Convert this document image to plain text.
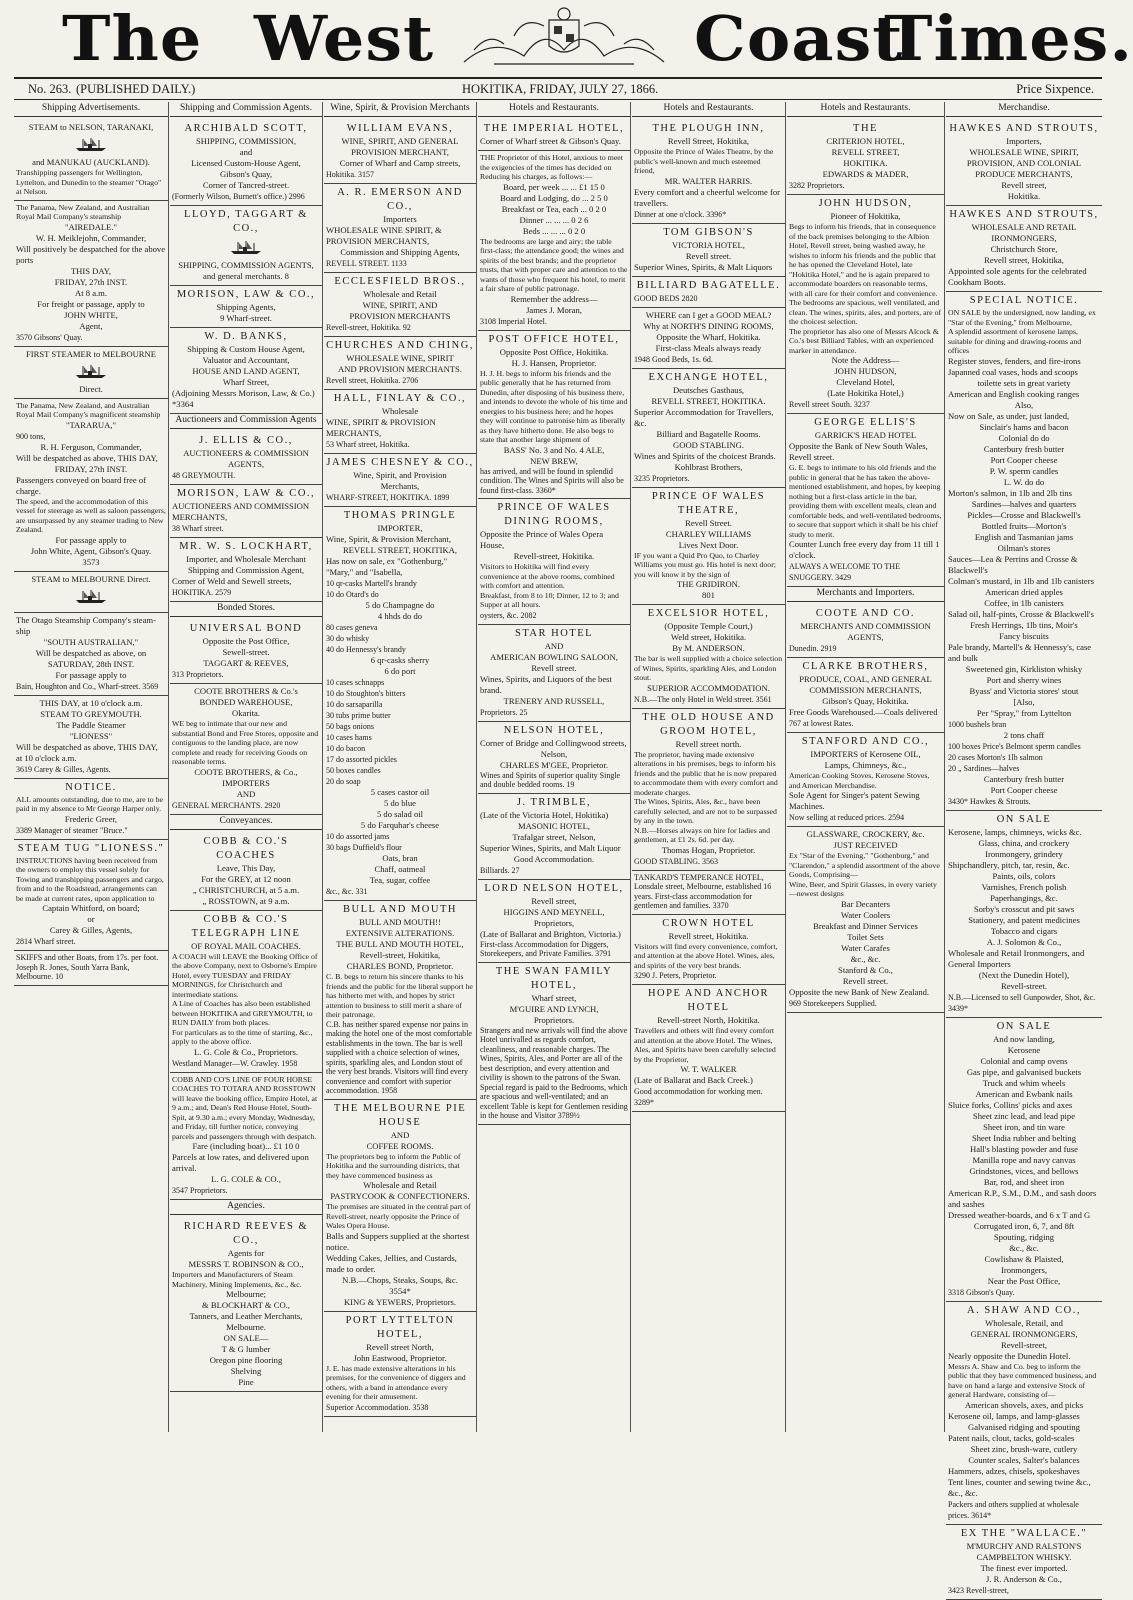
The West	Coast
Times.
No. 263. (PUBLISHED DAILY.)	HOKITIKA, FRIDAY, JULY 27, 1866.	Price Sixpence.
Shipping Advertisements.

STEAM to NELSON, TARANAKI,

and MANUKAU (AUCKLAND).

Transhipping passengers for Wellington, Lyttelton, and Dunedin to the steamer "Otago" at Nelson.

The Panama, New Zealand, and Australian Royal Mail Company's steamship

"AIREDALE."

W. H. Meiklejohn, Commander,

Will positively be despatched for the above ports

THIS DAY,

FRIDAY, 27th INST.

At 8 a.m.

For freight or passage, apply to

JOHN WHITE,

Agent,

3570 Gibsons' Quay.

FIRST STEAMER to MELBOURNE

Direct.

The Panama, New Zealand, and Australian Royal Mail Company's magnificent steamship

"TARARUA,"

900 tons,

R. H. Ferguson, Commander,

Will be despatched as above, THIS DAY,

FRIDAY, 27th INST.

Passengers conveyed on board free of charge.

The speed, and the accommodation of this vessel for steerage as well as saloon passengers, are unsurpassed by any steamer trading to New Zealand.

For passage apply to

John White, Agent, Gibson's Quay.

3573

STEAM to MELBOURNE Direct.

The Otago Steamship Company's steam-ship

"SOUTH AUSTRALIAN,"

Will be despatched as above, on

SATURDAY, 28th INST.

For passage apply to

Bain, Houghton and Co., Wharf-street. 3569

THIS DAY, at 10 o'clock a.m.

STEAM TO GREYMOUTH.

The Paddle Steamer

"LIONESS"

Will be despatched as above, THIS DAY, at 10 o'clock a.m.

3619 Carey & Gilles, Agents.

NOTICE.

ALL amounts outstanding, due to me, are to be paid in my absence to Mr George Harper only.

Frederic Greer,

3389 Manager of steamer "Bruce."

STEAM TUG "LIONESS."

INSTRUCTIONS having been received from the owners to employ this vessel solely for Towing and transhipping passengers and cargo, from and to the Roadstead, arrangements can be made at current rates, upon application to

Captain Whitford, on board;

or

Carey & Gilles, Agents,

2814 Wharf street.

SKIFFS and other Boats, from 17s. per foot. Joseph R. Jones, South Yarra Bank, Melbourne. 10

Shipping and Commission Agents.

ARCHIBALD SCOTT,

SHIPPING, COMMISSION,

and

Licensed Custom-House Agent,

Gibson's Quay,

Corner of Tancred-street.

(Formerly Wilson, Burnett's office.) 2996

LLOYD, TAGGART & CO.,

SHIPPING, COMMISSION AGENTS,

and general merchants. 8

MORISON, LAW & CO.,

Shipping Agents,

9 Wharf-street.

W. D. BANKS,

Shipping & Custom House Agent,

Valuator and Accountant,

HOUSE AND LAND AGENT,

Wharf Street,

(Adjoining Messrs Morison, Law, & Co.) *3364

Auctioneers and Commission Agents

J. ELLIS & CO.,

AUCTIONEERS & COMMISSION AGENTS,

48 GREYMOUTH.

MORISON, LAW & CO.,

AUCTIONEERS AND COMMISSION MERCHANTS,

38 Wharf street.

MR. W. S. LOCKHART,

Importer, and Wholesale Merchant

Shipping and Commission Agent,

Corner of Weld and Sewell streets,

HOKITIKA. 2579

Bonded Stores.

UNIVERSAL BOND

Opposite the Post Office,

Sewell-street.

TAGGART & REEVES,

313 Proprietors.

COOTE BROTHERS & Co.'s

BONDED WAREHOUSE,

Okarita.

WE beg to intimate that our new and substantial Bond and Free Stores, opposite and contiguous to the landing place, are now complete and ready for receiving Goods on reasonable terms.

COOTE BROTHERS, & Co.,

IMPORTERS

AND

GENERAL MERCHANTS. 2920

Conveyances.

COBB & CO.'S COACHES

Leave, This Day,

For the GREY, at 12 noon

„ CHRISTCHURCH, at 5 a.m.

„ ROSSTOWN, at 9 a.m.

COBB & CO.'S TELEGRAPH LINE

OF ROYAL MAIL COACHES.

A COACH will LEAVE the Booking Office of the above Company, next to Osborne's Empire Hotel, every TUESDAY and FRIDAY MORNINGS, for Christchurch and intermediate stations.

A Line of Coaches has also been established between HOKITIKA and GREYMOUTH, to RUN DAILY from both places.

For particulars as to the time of starting, &c., apply to the above office.

L. G. Cole & Co., Proprietors.

Westland Manager—W. Crawley. 1958

COBB AND CO'S LINE OF FOUR HORSE COACHES TO TOTARA AND ROSSTOWN will leave the booking office, Empire Hotel, at 9 a.m.; and, Dean's Red House Hotel, South-Spit, at 9.30 a.m.; every Monday, Wednesday, and Friday, till further notice, conveying parcels and passengers through with despatch.

Fare (including boat)... £1 10 0

Parcels at low rates, and delivered upon arrival.

L. G. COLE & CO.,

3547 Proprietors.

Agencies.

RICHARD REEVES & CO.,

Agents for

MESSRS T. ROBINSON & CO.,

Importers and Manufacturers of Steam Machinery, Mining Implements, &c., &c.

Melbourne;

& BLOCKHART & CO.,

Tanners, and Leather Merchants,

Melbourne.

ON SALE—

T & G lumber

Oregon pine flooring

Shelving

Pine

Wine, Spirit, & Provision Merchants

WILLIAM EVANS,

WINE, SPIRIT, AND GENERAL

PROVISION MERCHANT,

Corner of Wharf and Camp streets,

Hokitika. 3157

A. R. EMERSON AND CO.,

Importers

WHOLESALE WINE SPIRIT, & PROVISION MERCHANTS,

Commission and Shipping Agents,

REVELL STREET. 1133

ECCLESFIELD BROS.,

Wholesale and Retail

WINE, SPIRIT, AND

PROVISION MERCHANTS

Revell-street, Hokitika. 92

CHURCHES AND CHING,

WHOLESALE WINE, SPIRIT

AND PROVISION MERCHANTS.

Revell street, Hokitika. 2706

HALL, FINLAY & CO.,

Wholesale

WINE, SPIRIT & PROVISION MERCHANTS,

53 Wharf street, Hokitika.

JAMES CHESNEY & CO.,

Wine, Spirit, and Provision

Merchants,

WHARF-STREET, HOKITIKA. 1899

THOMAS PRINGLE

IMPORTER,

Wine, Spirit, & Provision Merchant,

REVELL STREET, HOKITIKA,

Has now on sale, ex "Gothenburg," "Mary," and "Isabella,

10 qr-casks Martell's brandy

10 do Otard's do

5 do Champagne do

4 hhds do do

80 cases geneva

30 do whisky

40 do Hennessy's brandy

6 qr-casks sherry

6 do port

10 cases schnapps

10 do Stoughton's bitters

10 do sarsaparilla

30 tubs prime butter

50 bags onions

10 cases hams

10 do bacon

17 do assorted pickles

50 boxes candles

20 do soap

5 cases castor oil

5 do blue

5 do salad oil

5 do Farquhar's cheese

10 do assorted jams

30 bags Duffield's flour

Oats, bran

Chaff, oatmeal

Tea, sugar, coffee

&c., &c. 331

BULL AND MOUTH

BULL AND MOUTH!!

EXTENSIVE ALTERATIONS.

THE BULL AND MOUTH HOTEL,

Revell-street, Hokitika,

CHARLES BOND, Proprietor.

C. B. begs to return his sincere thanks to his friends and the public for the liberal support he has hitherto met with, and hopes by strict attention to business to still merit a share of their patronage.

C.B. has neither spared expense nor pains in making the hotel one of the most comfortable establishments in the town. The bar is well supplied with a choice selection of wines, spirits, sparkling ales, and London stout of the very best brands. Visitors will find every convenience and comfort with superior accommodation. 1958

THE MELBOURNE PIE HOUSE

AND

COFFEE ROOMS.

The proprietors beg to inform the Public of Hokitika and the surrounding districts, that they have commenced business as

Wholesale and Retail

PASTRYCOOK & CONFECTIONERS.

The premises are situated in the central part of Revell-street, nearly opposite the Prince of Wales Opera House.

Balls and Suppers supplied at the shortest notice.

Wedding Cakes, Jellies, and Custards, made to order.

N.B.—Chops, Steaks, Soups, &c.

3554*

KING & YEWERS, Proprietors.

PORT LYTTELTON HOTEL,

Revell street North,

John Eastwood, Proprietor.

J. E. has made extensive alterations in his premises, for the convenience of diggers and others, with a band in attendance every evening for their amusement.

Superior Accommodation. 3538

Hotels and Restaurants.

THE IMPERIAL HOTEL,

Corner of Wharf street & Gibson's Quay.

THE Proprietor of this Hotel, anxious to meet the exigencies of the times has decided on Reducing his charges, as follows:—

Board, per week ... ... £1 15 0

Board and Lodging, do ... 2 5 0

Breakfast or Tea, each ... 0 2 0

Dinner ... ... ... 0 2 6

Beds ... ... ... 0 2 0

The bedrooms are large and airy; the table first-class; the attendance good; the wines and spirits of the best brands; and the proprietor trusts, that with proper care and attention to the wants of those who frequent his hotel, to merit a fair share of public patronage.

Remember the address—

James J. Moran,

3108 Imperial Hotel.

POST OFFICE HOTEL,

Opposite Post Office, Hokitika.

H. J. Hansen, Proprietor.

H. J. H. begs to inform his friends and the public generally that he has returned from Dunedin, after disposing of his business there, and intends to devote the whole of his time and energies to his business here; and he hopes they will continue to patronise him as liberally as they have hitherto done. He also begs to state that another large shipment of

BASS' No. 3 and No. 4 ALE,

NEW BREW,

has arrived, and will be found in splendid condition. The Wines and Spirits will also be found first-class. 3360*

PRINCE OF WALES DINING ROOMS,

Opposite the Prince of Wales Opera House,

Revell-street, Hokitika.

Visitors to Hokitika will find every convenience at the above rooms, combined with comfort and attention.

Breakfast, from 8 to 10; Dinner, 12 to 3; and Supper at all hours.

oysters, &c. 2082

STAR HOTEL

AND

AMERICAN BOWLING SALOON,

Revell street.

Wines, Spirits, and Liquors of the best brand.

TRENERY AND RUSSELL,

Proprietors. 25

NELSON HOTEL,

Corner of Bridge and Collingwood streets,

Nelson,

CHARLES M'GEE, Proprietor.

Wines and Spirits of superior quality Single and double bedded rooms. 19

J. TRIMBLE,

(Late of the Victoria Hotel, Hokitika)

MASONIC HOTEL,

Trafalgar street, Nelson,

Superior Wines, Spirits, and Malt Liquor

Good Accommodation.

Billiards. 27

LORD NELSON HOTEL,

Revell street,

HIGGINS AND MEYNELL,

Proprietors,

(Late of Ballarat and Brighton, Victoria.)

First-class Accommodation for Diggers, Storekeepers, and Private Families. 3791

THE SWAN FAMILY HOTEL,

Wharf street,

M'GUIRE AND LYNCH,

Proprietors.

Strangers and new arrivals will find the above Hotel unrivalled as regards comfort, cleanliness, and reasonable charges. The Wines, Spirits, Ales, and Porter are all of the best description, and every attention and civility is shown to the patrons of the Swan. Special regard is paid to the Bedrooms, which are spacious and well-ventilated; and an excellent Table is kept for Gentlemen residing in the house and Visitor 3789½

Hotels and Restaurants.

THE PLOUGH INN,

Revell Street, Hokitika,

Opposite the Prince of Wales Theatre, by the public's well-known and much esteemed friend,

MR. WALTER HARRIS.

Every comfort and a cheerful welcome for travellers.

Dinner at one o'clock. 3396*

TOM GIBSON'S

VICTORIA HOTEL,

Revell street.

Superior Wines, Spirits, & Malt Liquors

BILLIARD BAGATELLE.

GOOD BEDS 2820

WHERE can I get a GOOD MEAL?

Why at NORTH'S DINING ROOMS,

Opposite the Wharf, Hokitika.

First-class Meals always ready

1948 Good Beds, 1s. 6d.

EXCHANGE HOTEL,

Deutsches Gasthaus,

REVELL STREET, HOKITIKA.

Superior Accommodation for Travellers, &c.

Billiard and Bagatelle Rooms.

GOOD STABLING.

Wines and Spirits of the choicest Brands.

Kohlbrast Brothers,

3235 Proprietors.

PRINCE OF WALES THEATRE,

Revell Street.

CHARLEY WILLIAMS

Lives Next Door.

IF you want a Quid Pro Quo, to Charley Williams you must go. His hotel is next door; you will know it by the sign of

THE GRIDIRON.

801

EXCELSIOR HOTEL,

(Opposite Temple Court,)

Weld street, Hokitika.

By M. ANDERSON.

The bar is well supplied with a choice selection of Wines, Spirits, sparkling Ales, and London stout.

SUPERIOR ACCOMMODATION.

N.B.—The only Hotel in Weld street. 3561

THE OLD HOUSE AND GROOM HOTEL,

Revell street north.

The proprietor, having made extensive alterations in his premises, begs to inform his friends and the public that he is now prepared to accommodate them with every comfort and moderate charges.

The Wines, Spirits, Ales, &c., have been carefully selected, and are not to be surpassed by any in the town.

N.B.—Horses always on hire for ladies and gentlemen, at £1 2s. 6d. per day.

Thomas Hogan, Proprietor.

GOOD STABLING. 3563

TANKARD'S TEMPERANCE HOTEL, Lonsdale street, Melbourne, established 16 years. First-class accommodation for gentlemen and families. 3370

CROWN HOTEL

Revell street, Hokitika.

Visitors will find every convenience, comfort, and attention at the above Hotel. Wines, ales, and spirits of the very best brands.

3290 J. Peters, Proprietor.

HOPE AND ANCHOR HOTEL

Revell-street North, Hokitika.

Travellers and others will find every comfort and attention at the above Hotel. The Wines, Ales, and Spirits have been carefully selected by the Proprietor,

W. T. WALKER

(Late of Ballarat and Back Creek.)

Good accommodation for working men. 3289*

Hotels and Restaurants.

THE

CRITERION HOTEL,

REVELL STREET,

HOKITIKA.

EDWARDS & MADER,

3282 Proprietors.

JOHN HUDSON,

Pioneer of Hokitika,

Begs to inform his friends, that in consequence of the back premises belonging to the Albion Hotel, Revell street, being washed away, he wishes to inform his friends and the public that he has opened the Cleveland Hotel, late "Hokitika Hotel," and he is again prepared to accommodate boarders on reasonable terms, with all care for their comfort and convenience. The bedrooms are spacious, well ventilated, and clean. The wines, spirits, ales, and porters, are of the choicest selection.

The proprietor has also one of Messrs Alcock & Co.'s best Billiard Tables, with an experienced marker in attendance.

Note the Address—

JOHN HUDSON,

Cleveland Hotel,

(Late Hokitika Hotel,)

Revell street South. 3237

GEORGE ELLIS'S

GARRICK'S HEAD HOTEL

Opposite the Bank of New South Wales, Revell street.

G. E. begs to intimate to his old friends and the public in general that he has taken the above-mentioned establishment, and hopes, by keeping nothing but a first-class article in the bar, providing them with excellent meals, clean and comfortable beds, and well-ventilated bedrooms, to secure that support which it shall be his chief study to merit.

Counter Lunch free every day from 11 till 1 o'clock.

ALWAYS A WELCOME TO THE SNUGGERY. 3429

Merchants and Importers.

COOTE AND CO.

MERCHANTS AND COMMISSION

AGENTS,

Dunedin. 2919

CLARKE BROTHERS,

PRODUCE, COAL, AND GENERAL

COMMISSION MERCHANTS,

Gibson's Quay, Hokitika.

Free Goods Warehoused.—Coals delivered

767 at lowest Rates.

STANFORD AND CO.,

IMPORTERS of Kerosene OIL,

Lamps, Chimneys, &c.,

American Cooking Stoves, Kerosene Stoves, and American Merchandise.

Sole Agent for Singer's patent Sewing Machines.

Now selling at reduced prices. 2594

GLASSWARE, CROCKERY, &c.

JUST RECEIVED

Ex "Star of the Evening," "Gothenburg," and "Clarendon," a splendid assortment of the above Goods, Comprising—

Wine, Beer, and Spirit Glasses, in every variety—newest designs

Bar Decanters

Water Coolers

Breakfast and Dinner Services

Toilet Sets

Water Carafes

&c., &c.

Stanford & Co.,

Revell street.

Opposite the new Bank of New Zealand.

969 Storekeepers Supplied.

Merchandise.

HAWKES AND STROUTS,

Importers,

WHOLESALE WINE, SPIRIT,

PROVISION, AND COLONIAL

PRODUCE MERCHANTS,

Revell street,

Hokitika.

HAWKES AND STROUTS,

WHOLESALE AND RETAIL IRONMONGERS,

Christchurch Store,

Revell street, Hokitika,

Appointed sole agents for the celebrated Cookham Boots.

SPECIAL NOTICE.

ON SALE by the undersigned, now landing, ex "Star of the Evening," from Melbourne,

A splendid assortment of kerosene lamps, suitable for dining and drawing-rooms and offices

Register stoves, fenders, and fire-irons

Japanned coal vases, hods and scoops

toilette sets in great variety

American and English cooking ranges

Also,

Now on Sale, as under, just landed,

Sinclair's hams and bacon

Colonial do do

Canterbury fresh butter

Port Cooper cheese

P. W. sperm candles

L. W. do do

Morton's salmon, in 1lb and 2lb tins

Sardines—halves and quarters

Pickles—Crosse and Blackwell's

Bottled fruits—Morton's

English and Tasmanian jams

Oilman's stores

Sauces—Lea & Perrins and Crosse & Blackwell's

Colman's mustard, in 1lb and 1lb canisters

American dried apples

Coffee, in 1lb canisters

Salad oil, half-pints, Crosse & Blackwell's

Fresh Herrings, 1lb tins, Moir's

Fancy biscuits

Pale brandy, Martell's & Hennessy's, case and bulk

Sweetened gin, Kirkliston whisky

Port and sherry wines

Byass' and Victoria stores' stout

[Also,

Per "Spray," from Lyttelton

1000 bushels bran

2 tons chaff

100 boxes Price's Belmont sperm candles

20 cases Morton's 1lb salmon

20 „ Sardines—halves

Canterbury fresh butter

Port Cooper cheese

3430* Hawkes & Strouts.

ON SALE

Kerosene, lamps, chimneys, wicks &c.

Glass, china, and crockery

Ironmongery, grindery

Shipchandlery, pitch, tar, resin, &c.

Paints, oils, colors

Varnishes, French polish

Paperhangings, &c.

Sorby's crosscut and pit saws

Stationery, and patent medicines

Tobacco and cigars

A. J. Solomon & Co.,

Wholesale and Retail Ironmongers, and General Importers

(Next the Dunedin Hotel),

Revell-street.

N.B.—Licensed to sell Gunpowder, Shot, &c. 3439*

ON SALE

And now landing,

Kerosene

Colonial and camp ovens

Gas pipe, and galvanised buckets

Truck and whim wheels

American and Ewbank nails

Sluice forks, Collins' picks and axes

Sheet zinc lead, and lead pipe

Sheet iron, and tin ware

Sheet India rubber and belting

Hall's blasting powder and fuse

Manilla rope and navy canvas

Grindstones, vices, and bellows

Bar, rod, and sheet iron

American R.P., S.M., D.M., and sash doors and sashes

Dressed weather-boards, and 6 x T and G

Corrugated iron, 6, 7, and 8ft

Spouting, ridging

&c., &c.

Cowlishaw & Plaisted,

Ironmongers,

Near the Post Office,

3318 Gibson's Quay.

A. SHAW AND CO.,

Wholesale, Retail, and

GENERAL IRONMONGERS,

Revell-street,

Nearly opposite the Dunedin Hotel.

Messrs A. Shaw and Co. beg to inform the public that they have commenced business, and have on hand a large and extensive Stock of general Hardware, consisting of—

American shovels, axes, and picks

Kerosene oil, lamps, and lamp-glasses

Galvanised ridging and spouting

Patent nails, clout, tacks, gold-scales

Sheet zinc, brush-ware, cutlery

Counter scales, Salter's balances

Hammers, adzes, chisels, spokeshaves

Tent lines, counter and sewing twine &c., &c., &c.

Packers and others supplied at wholesale prices. 3614*

EX THE "WALLACE."

M'MURCHY AND RALSTON'S

CAMPBELTON WHISKY.

The finest ever imported.

J. R. Anderson & Co.,

3423 Revell-street,
